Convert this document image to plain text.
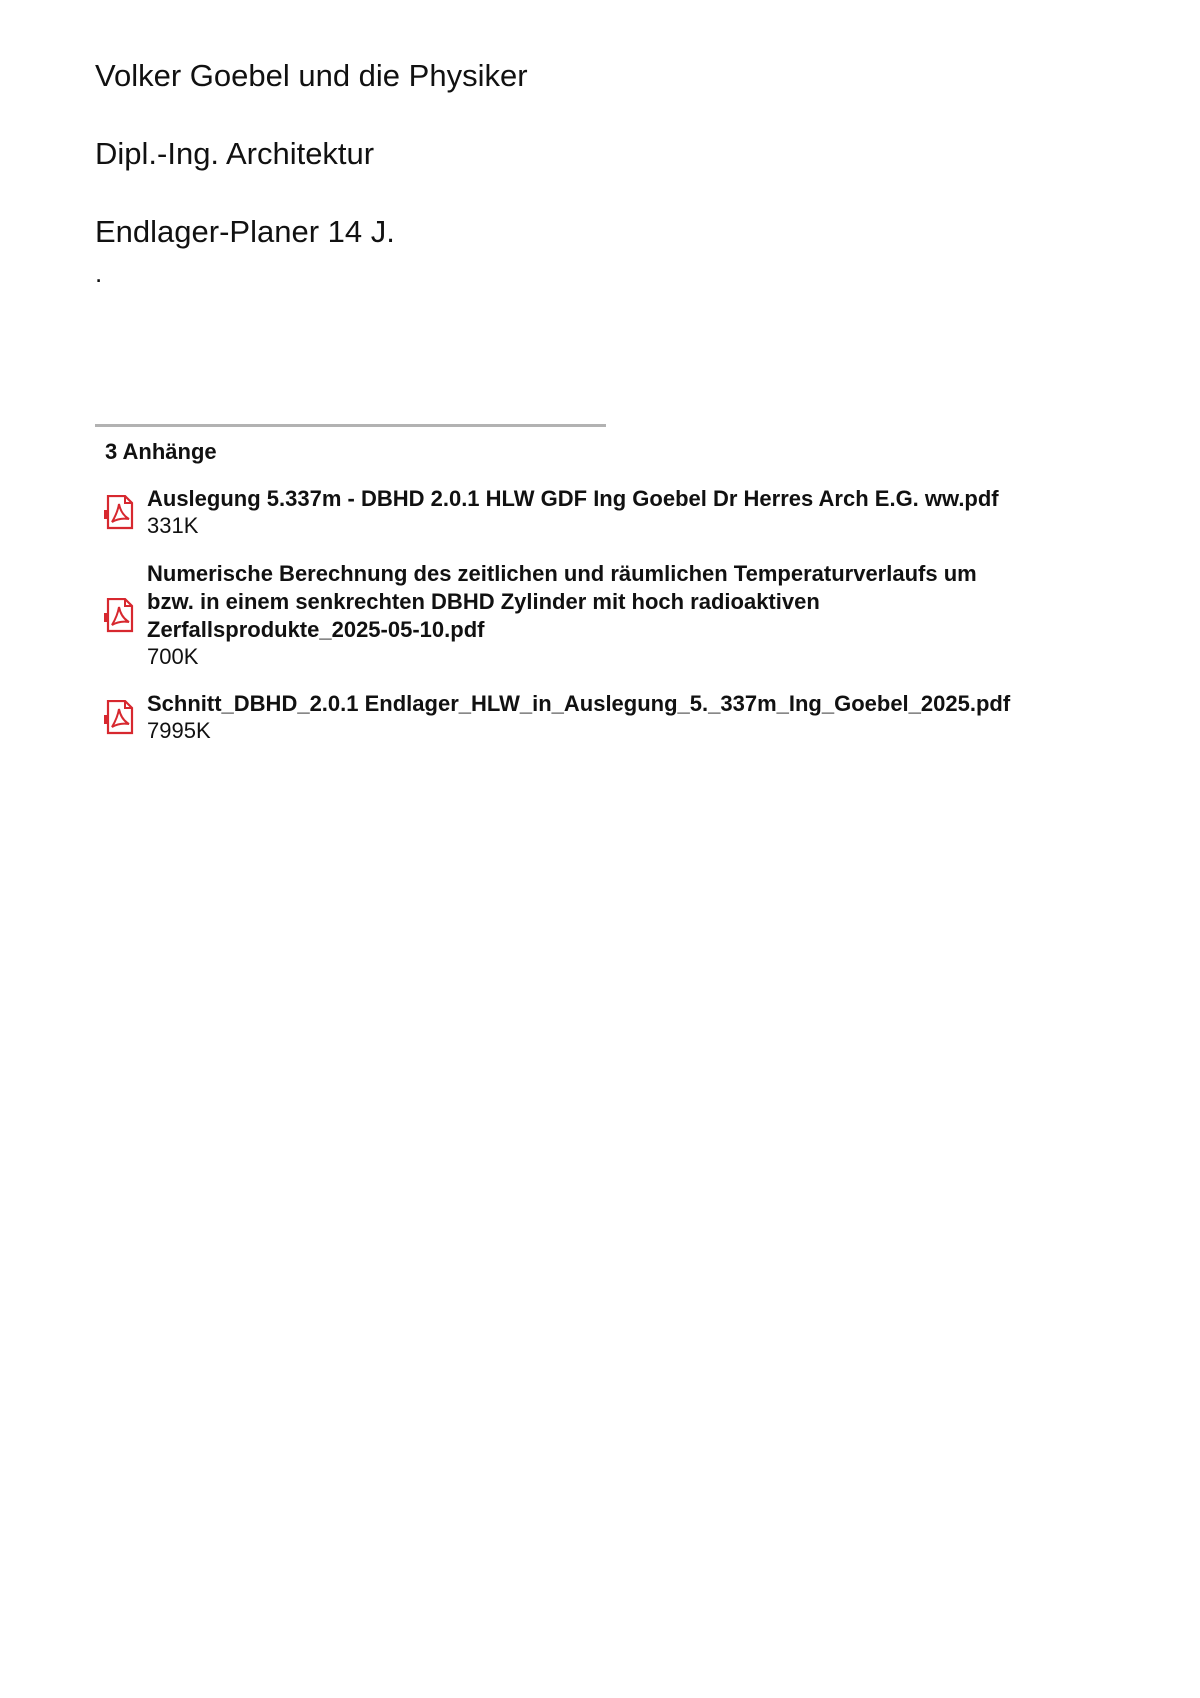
Volker Goebel und die Physiker

Dipl.-Ing. Architektur

Endlager-Planer 14 J.

.

3 Anhänge
Auslegung 5.337m - DBHD 2.0.1 HLW GDF Ing Goebel Dr Herres Arch E.G. ww.pdf
331K
Numerische Berechnung des zeitlichen und räumlichen Temperaturverlaufs um
bzw. in einem senkrechten DBHD Zylinder mit hoch radioaktiven
Zerfallsprodukte_2025-05-10.pdf
700K
Schnitt_DBHD_2.0.1 Endlager_HLW_in_Auslegung_5._337m_Ing_Goebel_2025.pdf
7995K
